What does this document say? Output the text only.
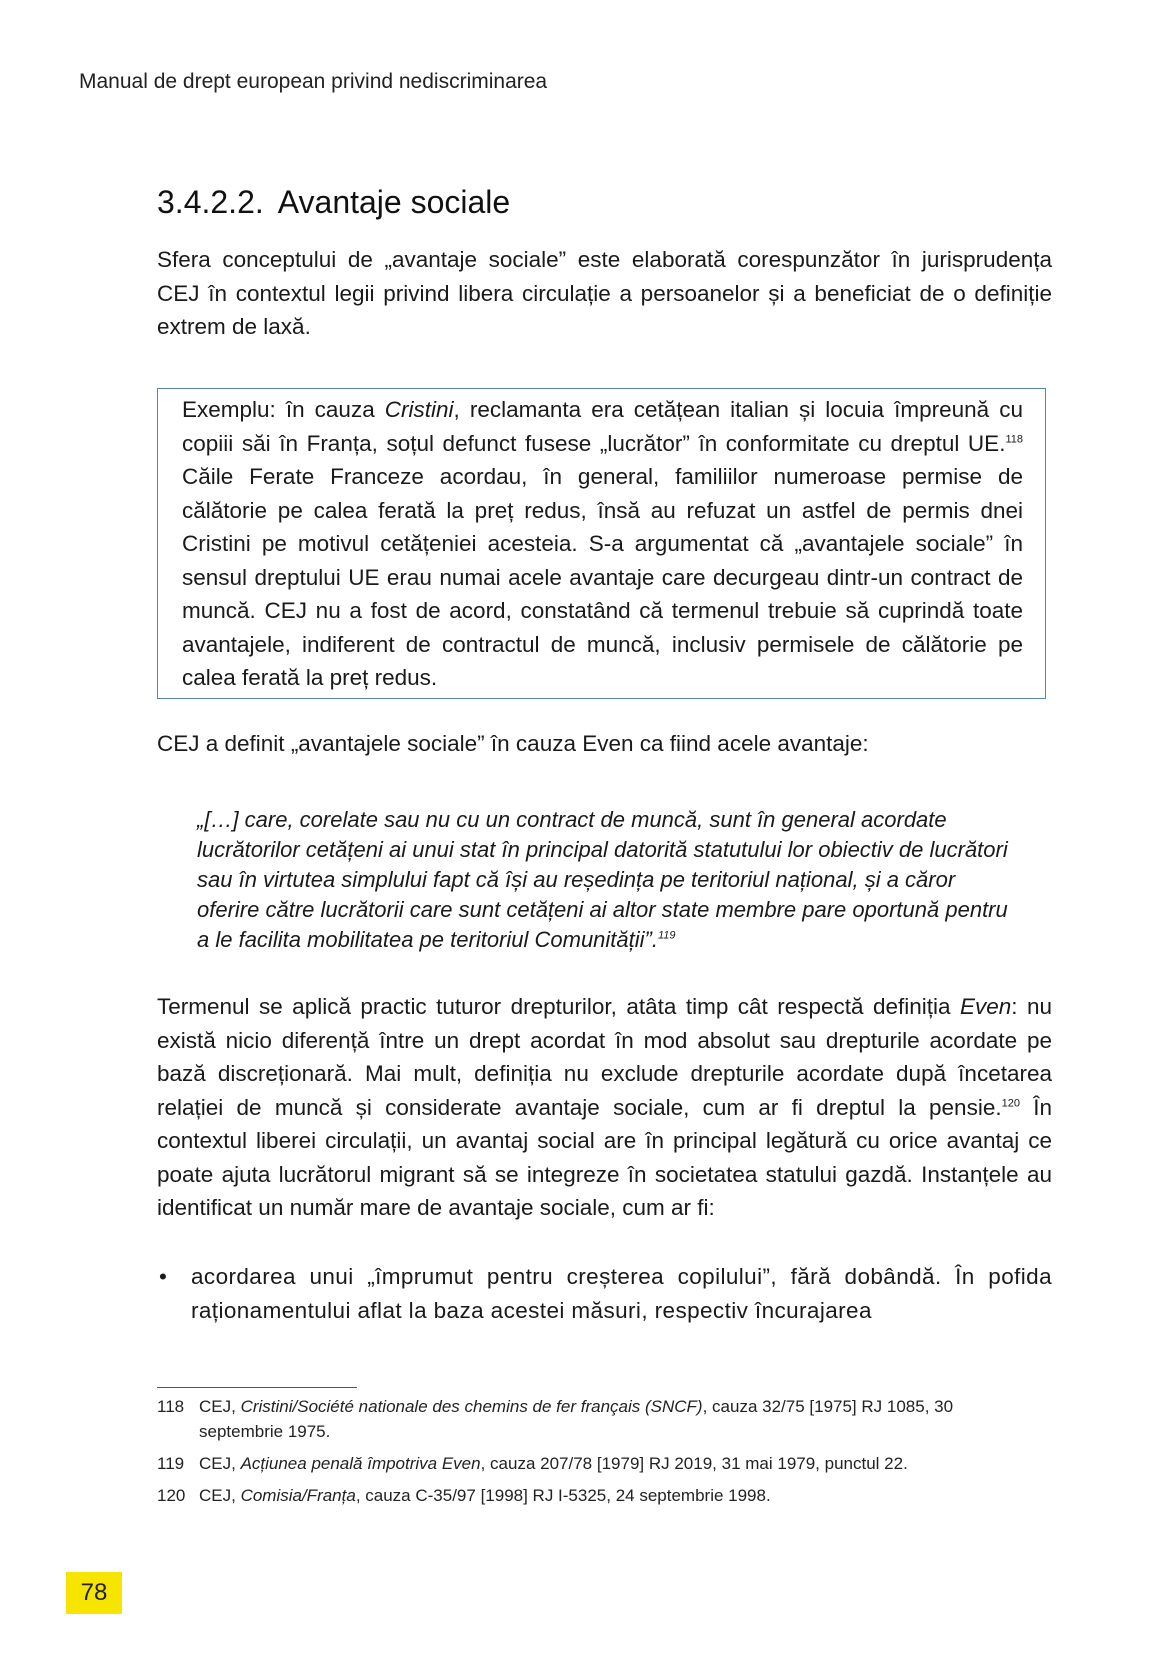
Manual de drept european privind nediscriminarea
3.4.2.2. Avantaje sociale
Sfera conceptului de „avantaje sociale” este elaborată corespunzător în jurisprudența CEJ în contextul legii privind libera circulație a persoanelor și a beneficiat de o definiție extrem de laxă.
Exemplu: în cauza Cristini, reclamanta era cetățean italian și locuia împreună cu copiii săi în Franța, soțul defunct fusese „lucrător” în conformitate cu dreptul UE.$^{118}$ Căile Ferate Franceze acordau, în general, familiilor numeroase permise de călătorie pe calea ferată la preț redus, însă au refuzat un astfel de permis dnei Cristini pe motivul cetățeniei acesteia. S-a argumentat că „avantajele sociale” în sensul dreptului UE erau numai acele avantaje care decurgeau dintr-un contract de muncă. CEJ nu a fost de acord, constatând că termenul trebuie să cuprindă toate avantajele, indiferent de contractul de muncă, inclusiv permisele de călătorie pe calea ferată la preț redus.
CEJ a definit „avantajele sociale” în cauza Even ca fiind acele avantaje:
„[…] care, corelate sau nu cu un contract de muncă, sunt în general acordate lucrătorilor cetățeni ai unui stat în principal datorită statutului lor obiectiv de lucrători sau în virtutea simplului fapt că își au reședința pe teritoriul național, și a căror oferire către lucrătorii care sunt cetățeni ai altor state membre pare oportună pentru a le facilita mobilitatea pe teritoriul Comunității”.$^{119}$
Termenul se aplică practic tuturor drepturilor, atâta timp cât respectă definiția Even: nu există nicio diferență între un drept acordat în mod absolut sau drepturile acordate pe bază discreționară. Mai mult, definiția nu exclude drepturile acordate după încetarea relației de muncă și considerate avantaje sociale, cum ar fi dreptul la pensie.$^{120}$ În contextul liberei circulații, un avantaj social are în principal legătură cu orice avantaj ce poate ajuta lucrătorul migrant să se integreze în societatea statului gazdă. Instanțele au identificat un număr mare de avantaje sociale, cum ar fi:
• acordarea unui „împrumut pentru creșterea copilului”, fără dobândă. În pofida raționamentului aflat la baza acestei măsuri, respectiv încurajarea
118 CEJ, Cristini/Société nationale des chemins de fer français (SNCF), cauza 32/75 [1975] RJ 1085, 30 septembrie 1975.
119 CEJ, Acțiunea penală împotriva Even, cauza 207/78 [1979] RJ 2019, 31 mai 1979, punctul 22.
120 CEJ, Comisia/Franța, cauza C-35/97 [1998] RJ I-5325, 24 septembrie 1998.
78
